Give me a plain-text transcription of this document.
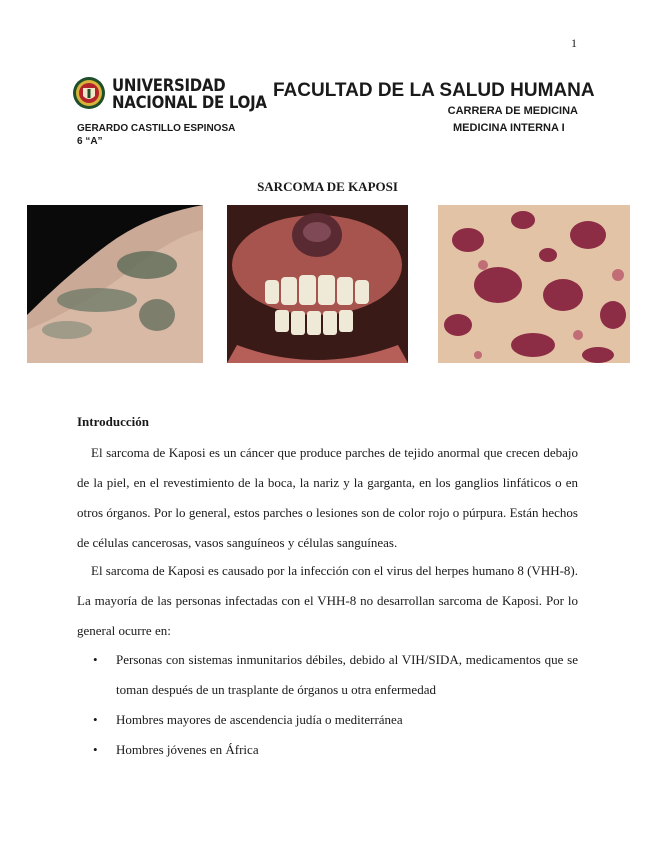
1
UNIVERSIDAD
NACIONAL DE LOJA
FACULTAD DE LA SALUD HUMANA
CARRERA DE MEDICINA
MEDICINA INTERNA I
GERARDO CASTILLO ESPINOSA
6 “A”
SARCOMA DE KAPOSI
Introducción

El sarcoma de Kaposi es un cáncer que produce parches de tejido anormal que crecen debajo de la piel, en el revestimiento de la boca, la nariz y la garganta, en los ganglios linfáticos o en otros órganos. Por lo general, estos parches o lesiones son de color rojo o púrpura. Están hechos de células cancerosas, vasos sanguíneos y células sanguíneas.

El sarcoma de Kaposi es causado por la infección con el virus del herpes humano 8 (VHH-8). La mayoría de las personas infectadas con el VHH-8 no desarrollan sarcoma de Kaposi. Por lo general ocurre en:

• Personas con sistemas inmunitarios débiles, debido al VIH/SIDA, medicamentos que se toman después de un trasplante de órganos u otra enfermedad
• Hombres mayores de ascendencia judía o mediterránea
• Hombres jóvenes en África
